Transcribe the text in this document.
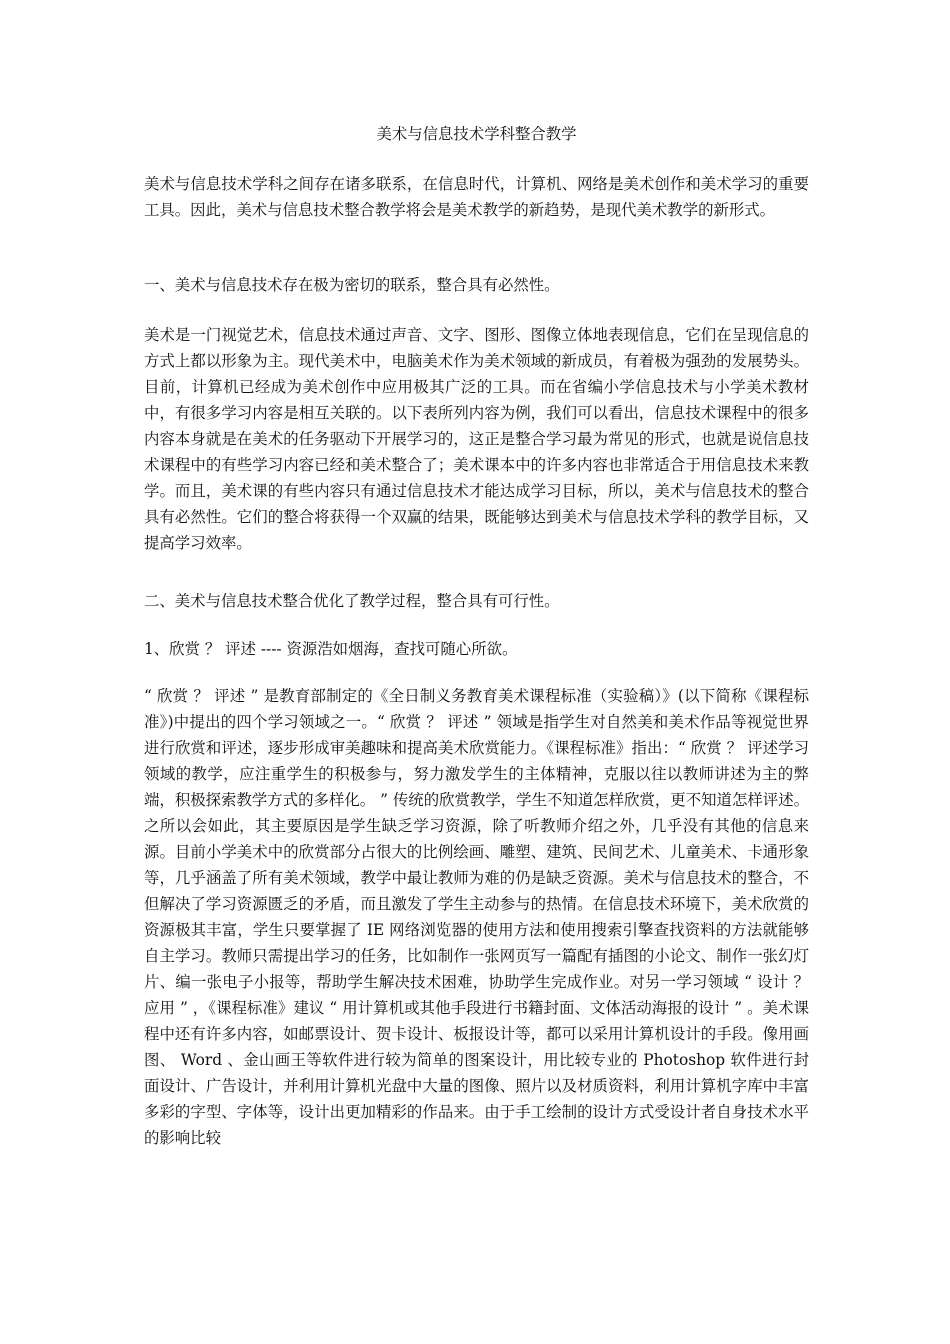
美术与信息技术学科整合教学

美术与信息技术学科之间存在诸多联系，在信息时代，计算机、网络是美术创作和美术学习的重要工具。因此，美术与信息技术整合教学将会是美术教学的新趋势，是现代美术教学的新形式。

一、美术与信息技术存在极为密切的联系，整合具有必然性。

美术是一门视觉艺术，信息技术通过声音、文字、图形、图像立体地表现信息，它们在呈现信息的方式上都以形象为主。现代美术中，电脑美术作为美术领域的新成员，有着极为强劲的发展势头。目前，计算机已经成为美术创作中应用极其广泛的工具。而在省编小学信息技术与小学美术教材中，有很多学习内容是相互关联的。以下表所列内容为例，我们可以看出，信息技术课程中的很多内容本身就是在美术的任务驱动下开展学习的，这正是整合学习最为常见的形式，也就是说信息技术课程中的有些学习内容已经和美术整合了；美术课本中的许多内容也非常适合于用信息技术来教学。而且，美术课的有些内容只有通过信息技术才能达成学习目标，所以，美术与信息技术的整合具有必然性。它们的整合将获得一个双赢的结果，既能够达到美术与信息技术学科的教学目标，又提高学习效率。

二、美术与信息技术整合优化了教学过程，整合具有可行性。

1、欣赏 ？ 评述 ---- 资源浩如烟海，查找可随心所欲。

“ 欣赏 ？ 评述 ” 是教育部制定的《全日制义务教育美术课程标准（实验稿）》(以下简称《课程标准》)中提出的四个学习领域之一。“ 欣赏 ？ 评述 ” 领域是指学生对自然美和美术作品等视觉世界进行欣赏和评述，逐步形成审美趣味和提高美术欣赏能力。《课程标准》指出：“ 欣赏 ？ 评述学习领域的教学，应注重学生的积极参与，努力激发学生的主体精神，克服以往以教师讲述为主的弊端，积极探索教学方式的多样化。 ” 传统的欣赏教学，学生不知道怎样欣赏，更不知道怎样评述。之所以会如此，其主要原因是学生缺乏学习资源，除了听教师介绍之外，几乎没有其他的信息来源。目前小学美术中的欣赏部分占很大的比例绘画、雕塑、建筑、民间艺术、儿童美术、卡通形象等，几乎涵盖了所有美术领域，教学中最让教师为难的仍是缺乏资源。美术与信息技术的整合，不但解决了学习资源匮乏的矛盾，而且激发了学生主动参与的热情。在信息技术环境下，美术欣赏的资源极其丰富，学生只要掌握了 IE 网络浏览器的使用方法和使用搜索引擎查找资料的方法就能够自主学习。教师只需提出学习的任务，比如制作一张网页写一篇配有插图的小论文、制作一张幻灯片、编一张电子小报等，帮助学生解决技术困难，协助学生完成作业。对另一学习领域 “ 设计 ？ 应用 ” ，《课程标准》建议 “ 用计算机或其他手段进行书籍封面、文体活动海报的设计 ” 。美术课程中还有许多内容，如邮票设计、贺卡设计、板报设计等，都可以采用计算机设计的手段。像用画图、 Word 、金山画王等软件进行较为简单的图案设计，用比较专业的 Photoshop 软件进行封面设计、广告设计，并利用计算机光盘中大量的图像、照片以及材质资料，利用计算机字库中丰富多彩的字型、字体等，设计出更加精彩的作品来。由于手工绘制的设计方式受设计者自身技术水平的影响比较
